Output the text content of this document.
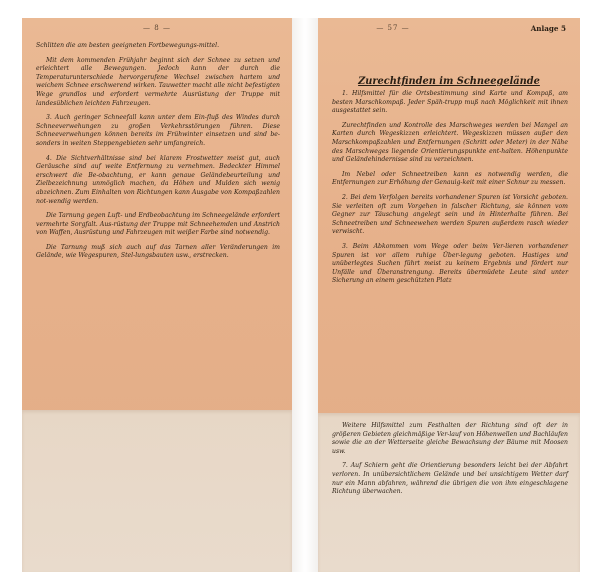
— 8 —

Schlitten die am besten geeigneten Fortbewegungs-mittel.

Mit dem kommenden Frühjahr beginnt sich der Schnee zu setzen und erleichtert alle Bewegungen. Jedoch kann der durch die Temperaturunterschiede hervorgerufene Wechsel zwischen hartem und weichem Schnee erschwerend wirken. Tauwetter macht alle nicht befestigten Wege grundlos und erfordert vermehrte Ausrüstung der Truppe mit landesüblichen leichten Fahrzeugen.

3. Auch geringer Schneefall kann unter dem Ein-fluß des Windes durch Schneeverwehungen zu großen Verkehrsstörungen führen. Diese Schneeverwehungen können bereits im Frühwinter einsetzen und sind be-sonders in weiten Steppengebieten sehr umfangreich.

4. Die Sichtverhältnisse sind bei klarem Frostwetter meist gut, auch Geräusche sind auf weite Entfernung zu vernehmen. Bedeckter Himmel erschwert die Be-obachtung, er kann genaue Geländebeurteilung und Zielbezeichnung unmöglich machen, da Höhen und Mulden sich wenig abzeichnen. Zum Einhalten von Richtungen kann Ausgabe von Kompaßzahlen not-wendig werden.

Die Tarnung gegen Luft- und Erdbeobachtung im Schneegelände erfordert vermehrte Sorgfalt. Aus-rüstung der Truppe mit Schneehemden und Anstrich von Waffen, Ausrüstung und Fahrzeugen mit weißer Farbe sind notwendig.

Die Tarnung muß sich auch auf das Tarnen aller Veränderungen im Gelände, wie Wegespuren, Stel-lungsbauten usw., erstrecken.

— 57 —	Anlage 5
Zurechtfinden im Schneegelände

1. Hilfsmittel für die Ortsbestimmung sind Karte und Kompaß, am besten Marschkompaß. Jeder Späh-trupp muß nach Möglichkeit mit ihnen ausgestattet sein.

Zurechtfinden und Kontrolle des Marschweges werden bei Mangel an Karten durch Wegeskizzen erleichtert. Wegeskizzen müssen außer den Marschkompaßzahlen und Entfernungen (Schritt oder Meter) in der Nähe des Marschweges liegende Orientierungspunkte ent-halten. Höhenpunkte und Geländehindernisse sind zu verzeichnen.

Im Nebel oder Schneetreiben kann es notwendig werden, die Entfernungen zur Erhöhung der Genauig-keit mit einer Schnur zu messen.

2. Bei dem Verfolgen bereits vorhandener Spuren ist Vorsicht geboten. Sie verleiten oft zum Vorgehen in falscher Richtung, sie können vom Gegner zur Täuschung angelegt sein und in Hinterhalte führen. Bei Schneetreiben und Schneewehen werden Spuren außerdem rasch wieder verwischt.

3. Beim Abkommen vom Wege oder beim Ver-lieren vorhandener Spuren ist vor allem ruhige Über-legung geboten. Hastiges und unüberlegtes Suchen führt meist zu keinem Ergebnis und fördert nur Unfälle und Überanstrengung. Bereits übermüdete Leute sind unter Sicherung an einem geschützten Platz

Weitere Hilfsmittel zum Festhalten der Richtung sind oft der in größeren Gebieten gleichmäßige Ver-lauf von Höhenwellen und Bachläufen sowie die an der Wetterseite gleiche Bewachsung der Bäume mit Moosen usw.

7. Auf Schiern geht die Orientierung besonders leicht bei der Abfahrt verloren. In unübersichtlichem Gelände und bei unsichtigem Wetter darf nur ein Mann abfahren, während die übrigen die von ihm eingeschlagene Richtung überwachen.
